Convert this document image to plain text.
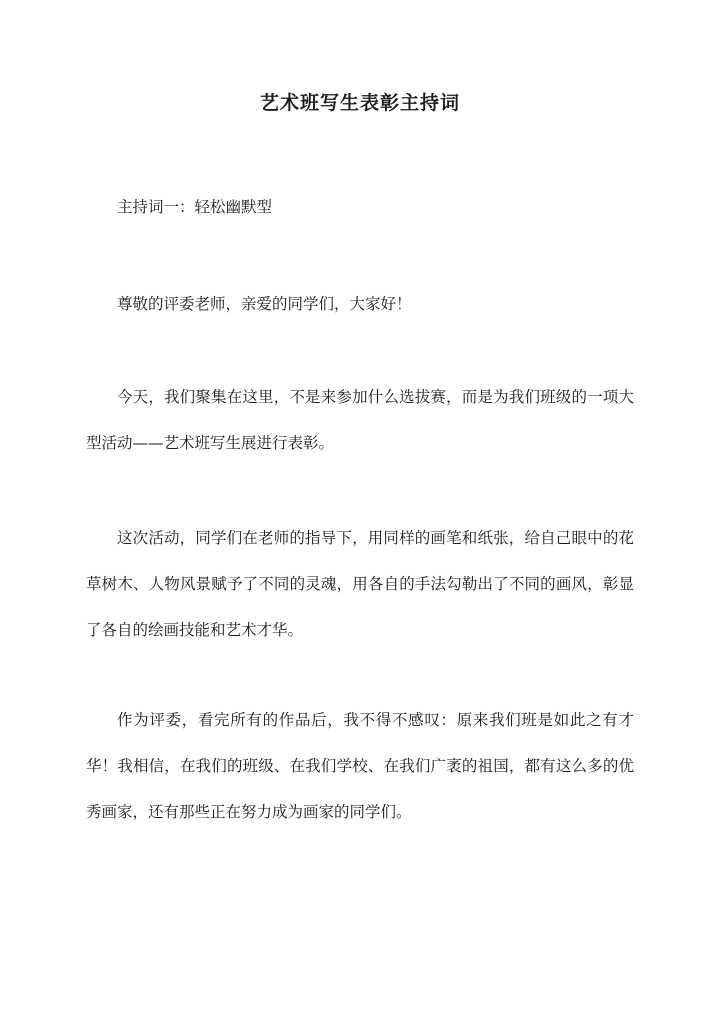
艺术班写生表彰主持词

主持词一：轻松幽默型

尊敬的评委老师，亲爱的同学们，大家好！

今天，我们聚集在这里，不是来参加什么选拔赛，而是为我们班级的一项大型活动——艺术班写生展进行表彰。

这次活动，同学们在老师的指导下，用同样的画笔和纸张，给自己眼中的花草树木、人物风景赋予了不同的灵魂，用各自的手法勾勒出了不同的画风，彰显了各自的绘画技能和艺术才华。

作为评委，看完所有的作品后，我不得不感叹：原来我们班是如此之有才华！我相信，在我们的班级、在我们学校、在我们广袤的祖国，都有这么多的优秀画家，还有那些正在努力成为画家的同学们。
